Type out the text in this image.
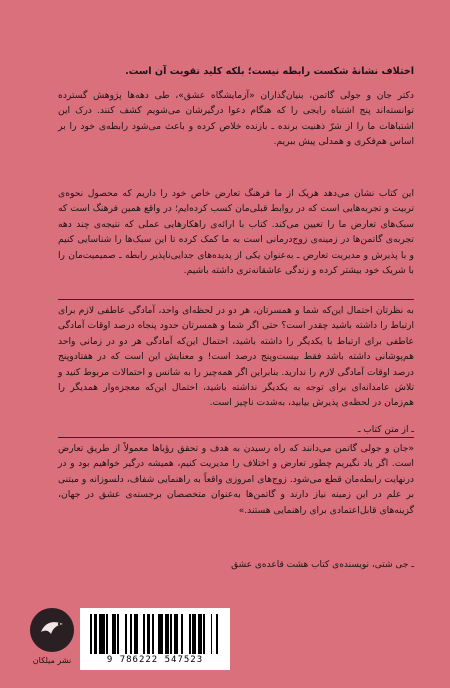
اختلاف نشانهٔ شکست رابطه نیست؛ بلکه کلید تقویت آن است.

دکتر جان و جولی گاتمن، بنیان‌گذاران «آزمایشگاه عشق»، طی دهه‌ها پژوهش گسترده توانسته‌اند پنج اشتباه رایجی را که هنگام دعوا درگیرشان می‌شویم کشف کنند. درک این اشتباهات ما را از شرّ ذهنیت برنده ـ بازنده خلاص کرده و باعث می‌شود رابطه‌ی خود را بر اساس هم‌فکری و همدلی پیش ببریم.

این کتاب نشان می‌دهد هریک از ما فرهنگ تعارض خاص خود را داریم که محصول نحوه‌ی تربیت و تجربه‌هایی است که در روابط قبلی‌مان کسب کرده‌ایم؛ در واقع همین فرهنگ است که سبک‌های تعارض ما را تعیین می‌کند. کتاب با ارائه‌ی راهکارهایی عملی که نتیجه‌ی چند دهه تجربه‌ی گاتمن‌ها در زمینه‌ی زوج‌درمانی است به ما کمک کرده تا این سبک‌ها را شناسایی کنیم و با پذیرش و مدیریت تعارض ـ به‌عنوان یکی از پدیده‌های جدایی‌ناپذیر رابطه ـ صمیمیت‌مان را با شریک خود بیشتر کرده و زندگی عاشقانه‌تری داشته باشیم.

به نظرتان احتمال این‌که شما و همسرتان، هر دو در لحظه‌ای واحد، آمادگی عاطفی لازم برای ارتباط را داشته باشید چقدر است؟ حتی اگر شما و همسرتان حدود پنجاه درصد اوقات آمادگی عاطفی برای ارتباط با یکدیگر را داشته باشید، احتمال این‌که آمادگی هر دو در زمانی واحد هم‌پوشانی داشته باشد فقط بیست‌وپنج درصد است! و معنایش این است که در هفتادوپنج درصد اوقات آمادگی لازم را ندارید. بنابراین اگر همه‌چیز را به شانس و احتمالات مربوط کنید و تلاش عامدانه‌ای برای توجه به یکدیگر نداشته باشید، احتمال این‌که معجزه‌وار همدیگر را هم‌زمان در لحظه‌ی پذیرش بیابید، به‌شدت ناچیز است.

ـ از متن کتاب ـ

«جان و جولی گاتمن می‌دانند که راه رسیدن به هدف و تحقق رؤیاها معمولاً از طریق تعارض است. اگر یاد نگیریم چطور تعارض و اختلاف را مدیریت کنیم، همیشه درگیر خواهیم بود و در درنهایت رابطه‌مان قطع می‌شود. زوج‌های امروزی واقعاً به راهنمایی شفاف، دلسوزانه و مبتنی بر علم در این زمینه نیاز دارند و گاتمن‌ها به‌عنوان متخصصان برجسته‌ی عشق در جهان، گزینه‌های قابل‌اعتمادی برای راهنمایی هستند.»

ـ جی شتی، نویسنده‌ی کتاب هشت قاعده‌ی عشق
نشر میلکان	9 786222 547523
